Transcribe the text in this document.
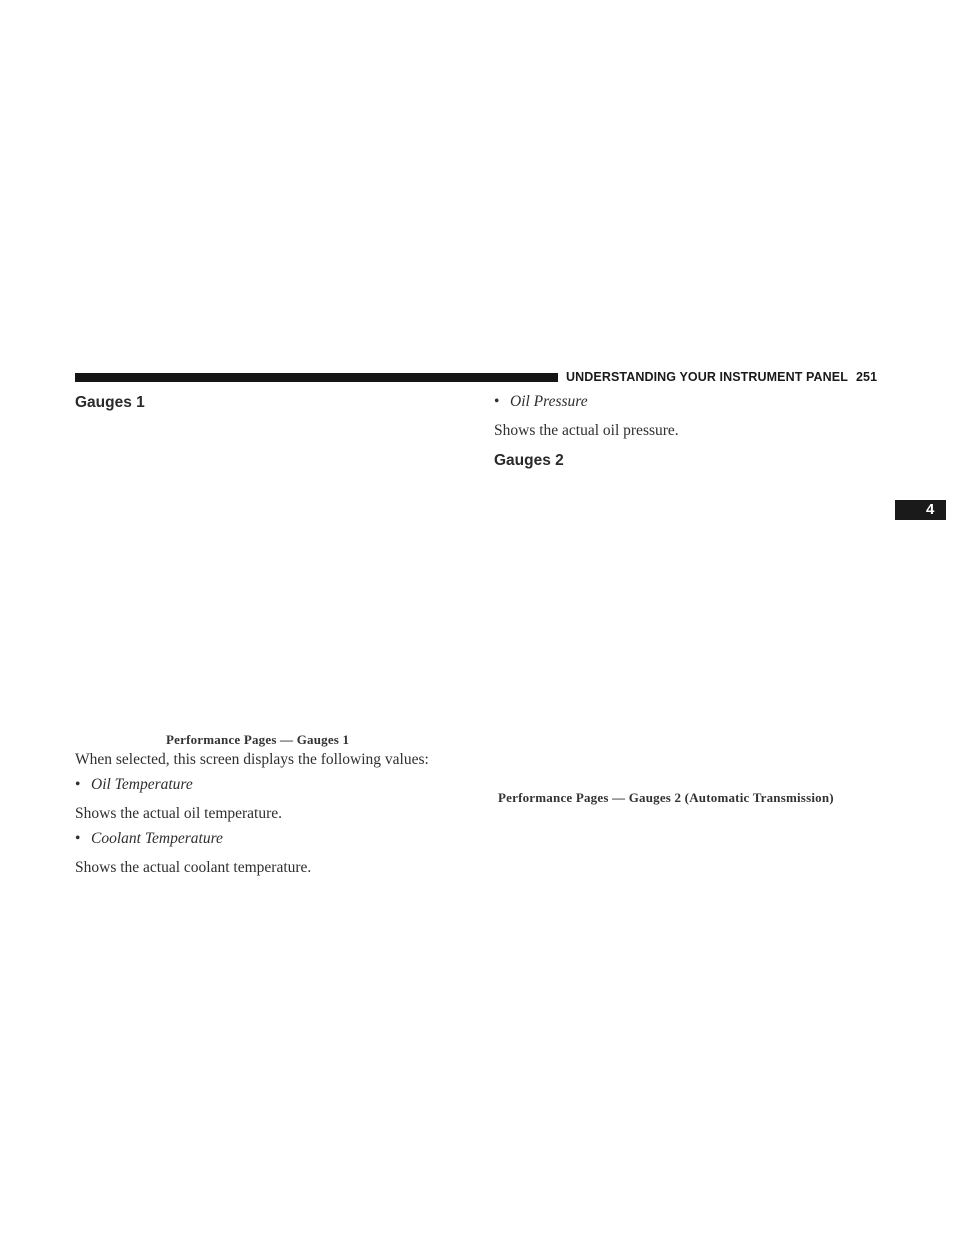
UNDERSTANDING YOUR INSTRUMENT PANEL 251
4
Gauges 1
Performance Pages — Gauges 1
When selected, this screen displays the following values:
• Oil Temperature
Shows the actual oil temperature.
• Coolant Temperature
Shows the actual coolant temperature.
• Oil Pressure
Shows the actual oil pressure.
Gauges 2
Performance Pages — Gauges 2 (Automatic Transmission)
